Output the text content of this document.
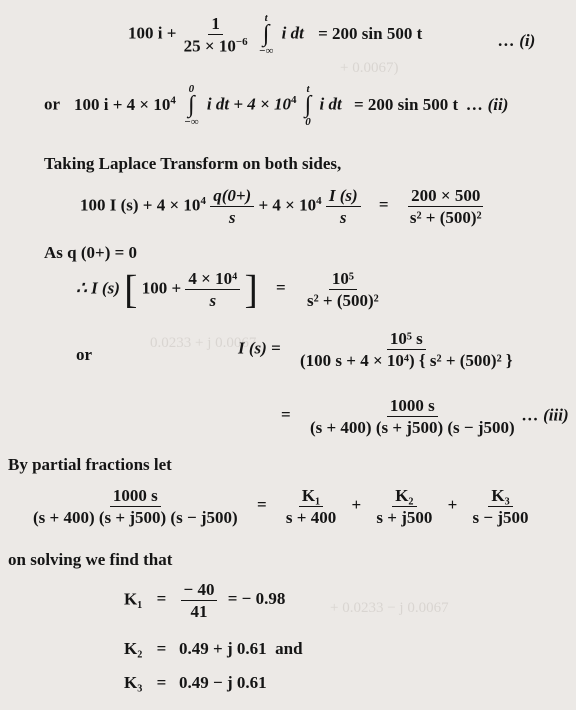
+ 0.0067)
0.0233 + j 0.0067
+ 0.0233 − j 0.0067
100 $i + \frac{1}{25 \times 10^{-6}}$
t
∫
−∞
i dt = 200 sin 500 t	… (i)
or 100 $i + 4 \times 10^4$
0
∫
−∞
i dt + $4 \times 10^4$
t
∫
0
i dt = 200 sin 500 t … (ii)
Taking Laplace Transform on both sides,
100 I $(s) + 4 \times 10^4 \frac{q(0+)}{s} + 4 \times 10^4 \frac{I (s)}{s} = \frac{200 \times 500}{\text{s² + (500)²}}$
As q (0+) = 0
∴ I (s) [ $100 + \frac{\text{4 × 10⁴}}{s}$ ] = $\frac{\text{10⁵}}{\text{s² + (500)²}}$
or	I $(s) = \frac{\text{10⁵ s}}{\text{(100 s + 4 × 10⁴) \{ s² + (500)² \}}}$
= $\frac{1000 s}{(s + 400) (s + j500) (s - j500)}$ … (iii)
By partial fractions let
$\frac{1000 s}{(s + 400) (s + j500) (s - j500)} = \frac{\text{K₁}}{s + 400} + \frac{\text{K₂}}{s + j500} + \frac{\text{K₃}}{s - j500}$
on solving we find that
$K_1 = \frac{- 40}{41}$ = − 0.98
K₂ =   0.49 + j 0.61  and
K₃ =   0.49 − j 0.61
